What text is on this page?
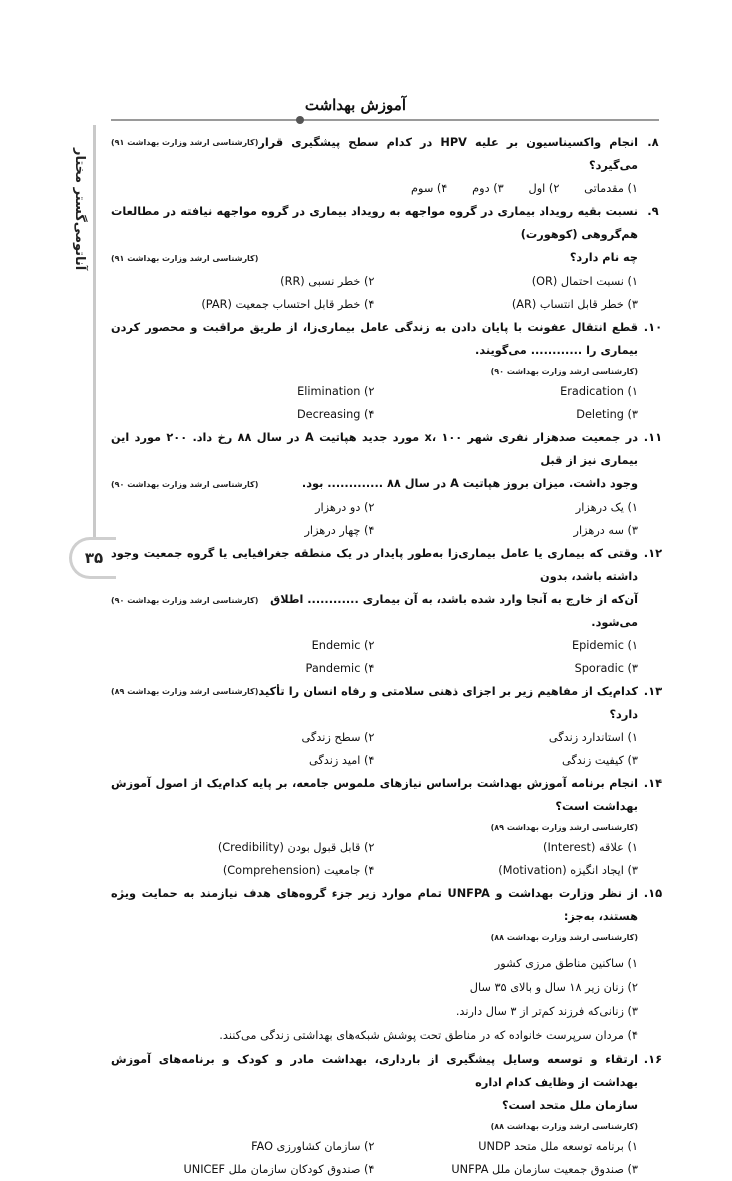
آموزش بهداشت
آناتومی‌گستر مختار
۳۵
۸.
انجام واکسیناسیون بر علیه HPV در کدام سطح پیشگیری قرار می‌گیرد؟
(کارشناسی ارشد وزارت بهداشت ۹۱)
۱) مقدماتی
۲) اول
۳) دوم
۴) سوم
۹.
نسبت بقیه رویداد بیماری در گروه مواجهه به رویداد بیماری در گروه مواجهه نیافته در مطالعات هم‌گروهی (کوهورت)
چه نام دارد؟
(کارشناسی ارشد وزارت بهداشت ۹۱)
۱) نسبت احتمال (OR)
۲) خطر نسبی (RR)
۳) خطر قابل انتساب (AR)
۴) خطر قابل احتساب جمعیت (PAR)
۱۰.
قطع انتقال عفونت با پایان دادن به زندگی عامل بیماری‌زا، از طریق مراقبت و محصور کردن بیماری را ............ می‌گویند.
(کارشناسی ارشد وزارت بهداشت ۹۰)
۱) Eradication
۲) Elimination
۳) Deleting
۴) Decreasing
۱۱.
در جمعیت صدهزار نفری شهر x، ۱۰۰ مورد جدید هپاتیت A در سال ۸۸ رخ داد. ۲۰۰ مورد این بیماری نیز از قبل
وجود داشت. میزان بروز هپاتیت A در سال ۸۸ ............. بود.
(کارشناسی ارشد وزارت بهداشت ۹۰)
۱) یک درهزار
۲) دو درهزار
۳) سه درهزار
۴) چهار درهزار
۱۲.
وقتی که بیماری یا عامل بیماری‌زا به‌طور پایدار در یک منطقه جغرافیایی یا گروه جمعیت وجود داشته باشد، بدون
آن‌که از خارج به آنجا وارد شده باشد، به آن بیماری ............ اطلاق می‌شود.
(کارشناسی ارشد وزارت بهداشت ۹۰)
۱) Epidemic
۲) Endemic
۳) Sporadic
۴) Pandemic
۱۳.
کدام‌یک از مفاهیم زیر بر اجزای ذهنی سلامتی و رفاه انسان را تأکید دارد؟
(کارشناسی ارشد وزارت بهداشت ۸۹)
۱) استاندارد زندگی
۲) سطح زندگی
۳) کیفیت زندگی
۴) امید زندگی
۱۴.
انجام برنامه آموزش بهداشت براساس نیازهای ملموس جامعه، بر پایه کدام‌یک از اصول آموزش بهداشت است؟
(کارشناسی ارشد وزارت بهداشت ۸۹)
۱) علاقه (Interest)
۲) قابل قبول بودن (Credibility)
۳) ایجاد انگیزه (Motivation)
۴) جامعیت (Comprehension)
۱۵.
از نظر وزارت بهداشت و UNFPA تمام موارد زیر جزء گروه‌های هدف نیازمند به حمایت ویژه هستند، به‌جز:
(کارشناسی ارشد وزارت بهداشت ۸۸)
۱) ساکنین مناطق مرزی کشور
۲) زنان زیر ۱۸ سال و بالای ۳۵ سال
۳) زنانی‌که فرزند کم‌تر از ۳ سال دارند.
۴) مردان سرپرست خانواده که در مناطق تحت پوشش شبکه‌های بهداشتی زندگی می‌کنند.
۱۶.
ارتقاء و توسعه وسایل پیشگیری از بارداری، بهداشت مادر و کودک و برنامه‌های آموزش بهداشت از وظایف کدام اداره
سازمان ملل متحد است؟
(کارشناسی ارشد وزارت بهداشت ۸۸)
۱) برنامه توسعه ملل متحد UNDP
۲) سازمان کشاورزی FAO
۳) صندوق جمعیت سازمان ملل UNFPA
۴) صندوق کودکان سازمان ملل UNICEF
